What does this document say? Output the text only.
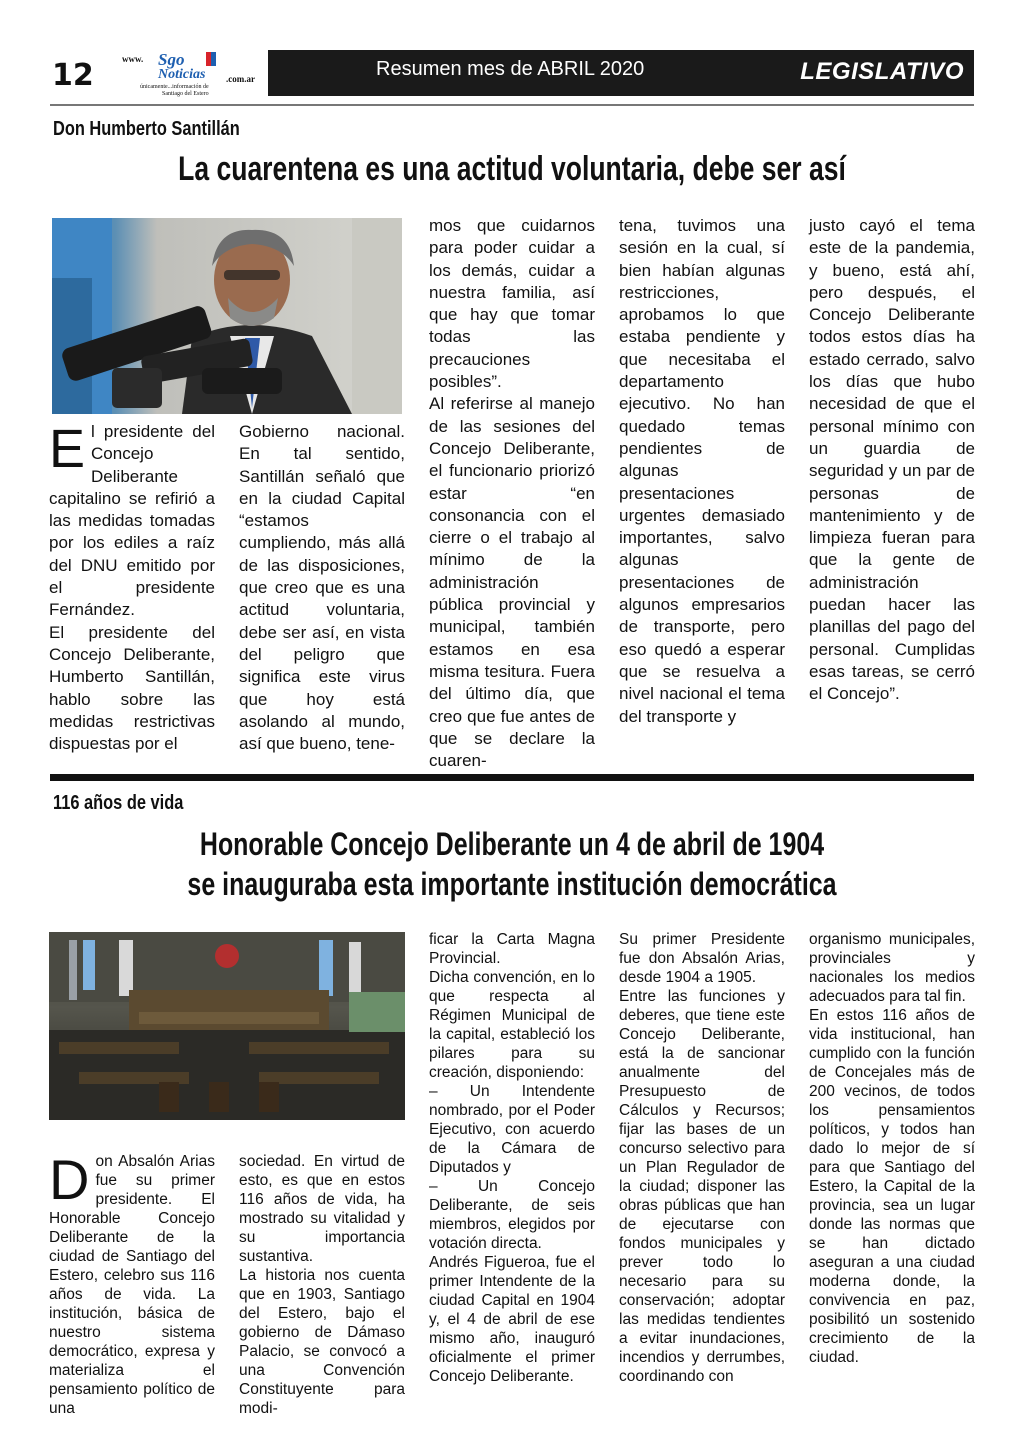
12	www. Sgo
Noticias .com.ar
únicamente...información de
Santiago del Estero
Resumen mes de ABRIL 2020	LEGISLATIVO
Don Humberto Santillán
La cuarentena es una actitud voluntaria, debe ser así

El presidente del Concejo Deliberante capitalino se refirió a las medidas tomadas por los ediles a raíz del DNU emitido por el presidente Fernández.

El presidente del Concejo Deliberante, Humberto Santillán, hablo sobre las medidas restrictivas dispuestas por el

Gobierno nacional. En tal sentido, Santillán señaló que en la ciudad Capital “estamos cumpliendo, más allá de las disposiciones, que creo que es una actitud voluntaria, debe ser así, en vista del peligro que significa este virus que hoy está asolando al mundo, así que bueno, tene-

mos que cuidarnos para poder cuidar a los demás, cuidar a nuestra familia, así que hay que tomar todas las precauciones posibles”.

Al referirse al manejo de las sesiones del Concejo Deliberante, el funcionario priorizó estar “en consonancia con el cierre o el trabajo al mínimo de la administración pública provincial y municipal, también estamos en esa misma tesitura. Fuera del último día, que creo que fue antes de que se declare la cuaren-

tena, tuvimos una sesión en la cual, sí bien habían algunas restricciones, aprobamos lo que estaba pendiente y que necesitaba el departamento ejecutivo. No han quedado temas pendientes de algunas presentaciones urgentes demasiado importantes, salvo algunas presentaciones de algunos empresarios de transporte, pero eso quedó a esperar que se resuelva a nivel nacional el tema del transporte y

justo cayó el tema este de la pandemia, y bueno, está ahí, pero después, el Concejo Deliberante todos estos días ha estado cerrado, salvo los días que hubo necesidad de que el personal mínimo con un guardia de seguridad y un par de personas de mantenimiento y de limpieza fueran para que la gente de administración puedan hacer las planillas del pago del personal. Cumplidas esas tareas, se cerró el Concejo”.

116 años de vida
Honorable Concejo Deliberante un 4 de abril de 1904
se inauguraba esta importante institución democrática

Don Absalón Arias fue su primer presidente. El Honorable Concejo Deliberante de la ciudad de Santiago del Estero, celebro sus 116 años de vida. La institución, básica de nuestro sistema democrático, expresa y materializa el pensamiento político de una

sociedad. En virtud de esto, es que en estos 116 años de vida, ha mostrado su vitalidad y su importancia sustantiva.

La historia nos cuenta que en 1903, Santiago del Estero, bajo el gobierno de Dámaso Palacio, se convocó a una Convención Constituyente para modi-

ficar la Carta Magna Provincial.

Dicha convención, en lo que respecta al Régimen Municipal de la capital, estableció los pilares para su creación, disponiendo:

– Un Intendente nombrado, por el Poder Ejecutivo, con acuerdo de la Cámara de Diputados y

– Un Concejo Deliberante, de seis miembros, elegidos por votación directa.

Andrés Figueroa, fue el primer Intendente de la ciudad Capital en 1904 y, el 4 de abril de ese mismo año, inauguró oficialmente el primer Concejo Deliberante.

Su primer Presidente fue don Absalón Arias, desde 1904 a 1905.

Entre las funciones y deberes, que tiene este Concejo Deliberante, está la de sancionar anualmente del Presupuesto de Cálculos y Recursos; fijar las bases de un concurso selectivo para un Plan Regulador de la ciudad; disponer las obras públicas que han de ejecutarse con fondos municipales y prever todo lo necesario para su conservación; adoptar las medidas tendientes a evitar inundaciones, incendios y derrumbes, coordinando con

organismo municipales, provinciales y nacionales los medios adecuados para tal fin.

En estos 116 años de vida institucional, han cumplido con la función de Concejales más de 200 vecinos, de todos los pensamientos políticos, y todos han dado lo mejor de sí para que Santiago del Estero, la Capital de la provincia, sea un lugar donde las normas que se han dictado aseguran a una ciudad moderna donde, la convivencia en paz, posibilitó un sostenido crecimiento de la ciudad.
